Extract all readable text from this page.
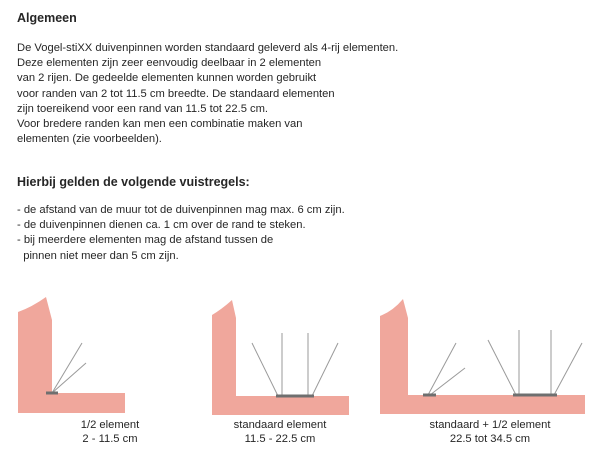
Algemeen
De Vogel-stiXX duivenpinnen worden standaard geleverd als 4-rij elementen.
Deze elementen zijn zeer eenvoudig deelbaar in 2 elementen
van 2 rijen. De gedeelde elementen kunnen worden gebruikt
voor randen van 2 tot 11.5 cm breedte. De standaard elementen
zijn toereikend voor een rand van 11.5 tot 22.5 cm.
Voor bredere randen kan men een combinatie maken van
elementen (zie voorbeelden).
Hierbij gelden de volgende vuistregels:
- de afstand van de muur tot de duivenpinnen mag max. 6 cm zijn.
- de duivenpinnen dienen ca. 1 cm over de rand te steken.
- bij meerdere elementen mag de afstand tussen de
pinnen niet meer dan 5 cm zijn.
1/2 element
2 - 11.5 cm
standaard element
11.5 - 22.5 cm
standaard + 1/2 element
22.5 tot 34.5 cm
